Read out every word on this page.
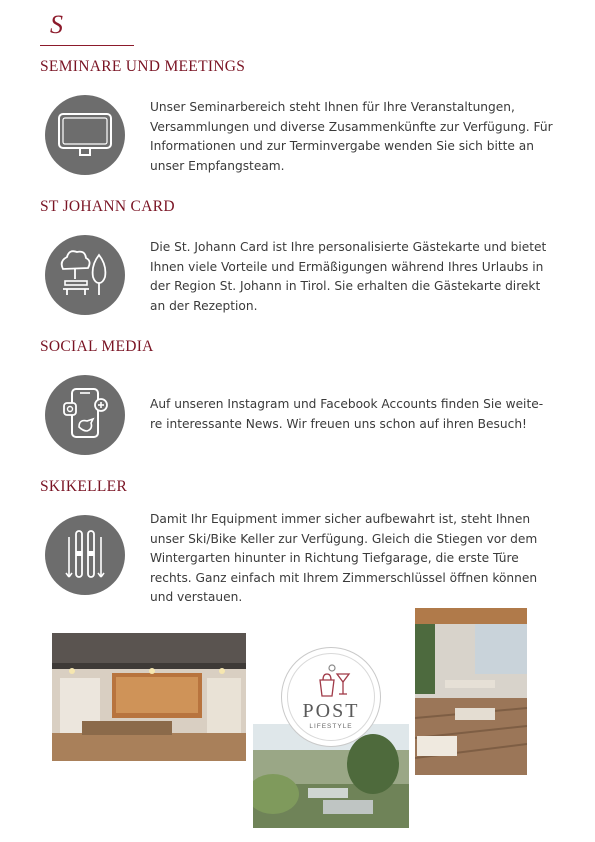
S
SEMINARE UND MEETINGS
Unser Seminarbereich steht Ihnen für Ihre Veranstaltungen,
Versammlungen und diverse Zusammenkünfte zur Verfügung. Für
Informationen und zur Terminvergabe wenden Sie sich bitte an
unser Empfangsteam.
ST JOHANN CARD
Die St. Johann Card ist Ihre personalisierte Gästekarte und bietet
Ihnen viele Vorteile und Ermäßigungen während Ihres Urlaubs in
der Region St. Johann in Tirol. Sie erhalten die Gästekarte direkt
an der Rezeption.
SOCIAL MEDIA
Auf unseren Instagram und Facebook Accounts finden Sie weite-
re interessante News. Wir freuen uns schon auf ihren Besuch!
SKIKELLER
Damit Ihr Equipment immer sicher aufbewahrt ist, steht Ihnen
unser Ski/Bike Keller zur Verfügung. Gleich die Stiegen vor dem
Wintergarten hinunter in Richtung Tiefgarage, die erste Türe
rechts. Ganz einfach mit Ihrem Zimmerschlüssel öffnen können
und verstauen.
POST
LIFESTYLE
